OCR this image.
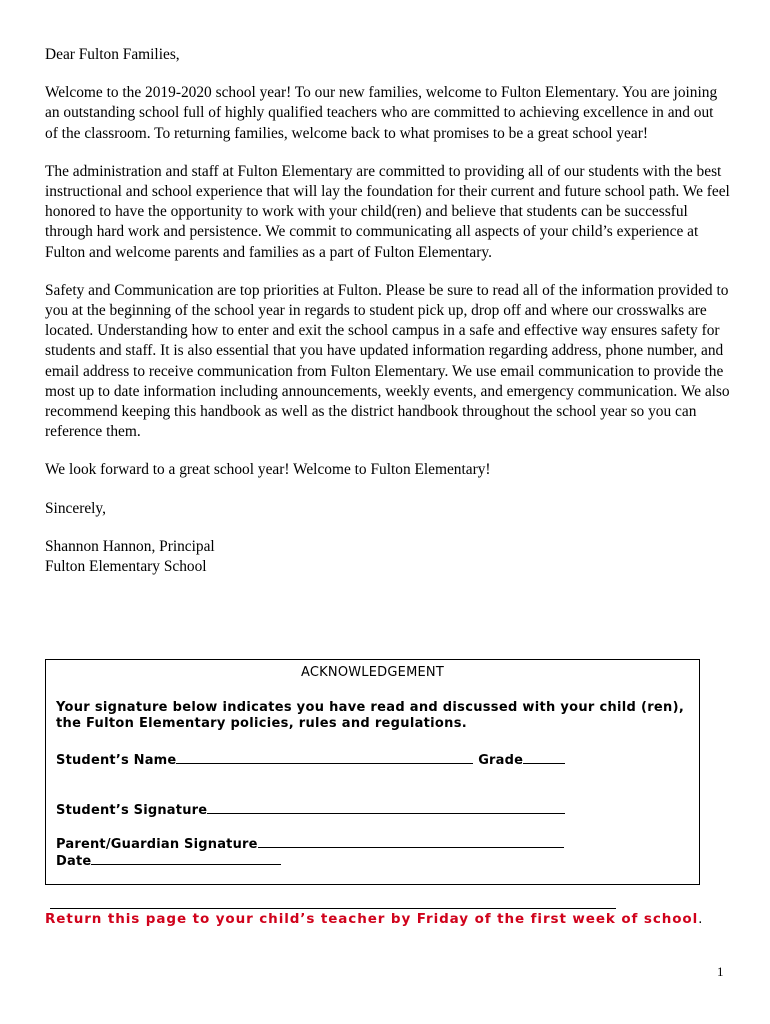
Dear Fulton Families,

Welcome to the 2019-2020 school year! To our new families, welcome to Fulton Elementary. You are joining an outstanding school full of highly qualified teachers who are committed to achieving excellence in and out of the classroom. To returning families, welcome back to what promises to be a great school year!

The administration and staff at Fulton Elementary are committed to providing all of our students with the best instructional and school experience that will lay the foundation for their current and future school path. We feel honored to have the opportunity to work with your child(ren) and believe that students can be successful through hard work and persistence. We commit to communicating all aspects of your child’s experience at Fulton and welcome parents and families as a part of Fulton Elementary.

Safety and Communication are top priorities at Fulton. Please be sure to read all of the information provided to you at the beginning of the school year in regards to student pick up, drop off and where our crosswalks are located. Understanding how to enter and exit the school campus in a safe and effective way ensures safety for students and staff. It is also essential that you have updated information regarding address, phone number, and email address to receive communication from Fulton Elementary. We use email communication to provide the most up to date information including announcements, weekly events, and emergency communication. We also recommend keeping this handbook as well as the district handbook throughout the school year so you can reference them.

We look forward to a great school year! Welcome to Fulton Elementary!

Sincerely,

Shannon Hannon, Principal

Fulton Elementary School

ACKNOWLEDGEMENT
Your signature below indicates you have read and discussed with your child (ren), the Fulton Elementary policies, rules and regulations.
Student’s Name	Grade
Student’s Signature
Parent/Guardian Signature
Date
Return this page to your child’s teacher by Friday of the first week of school.
1
